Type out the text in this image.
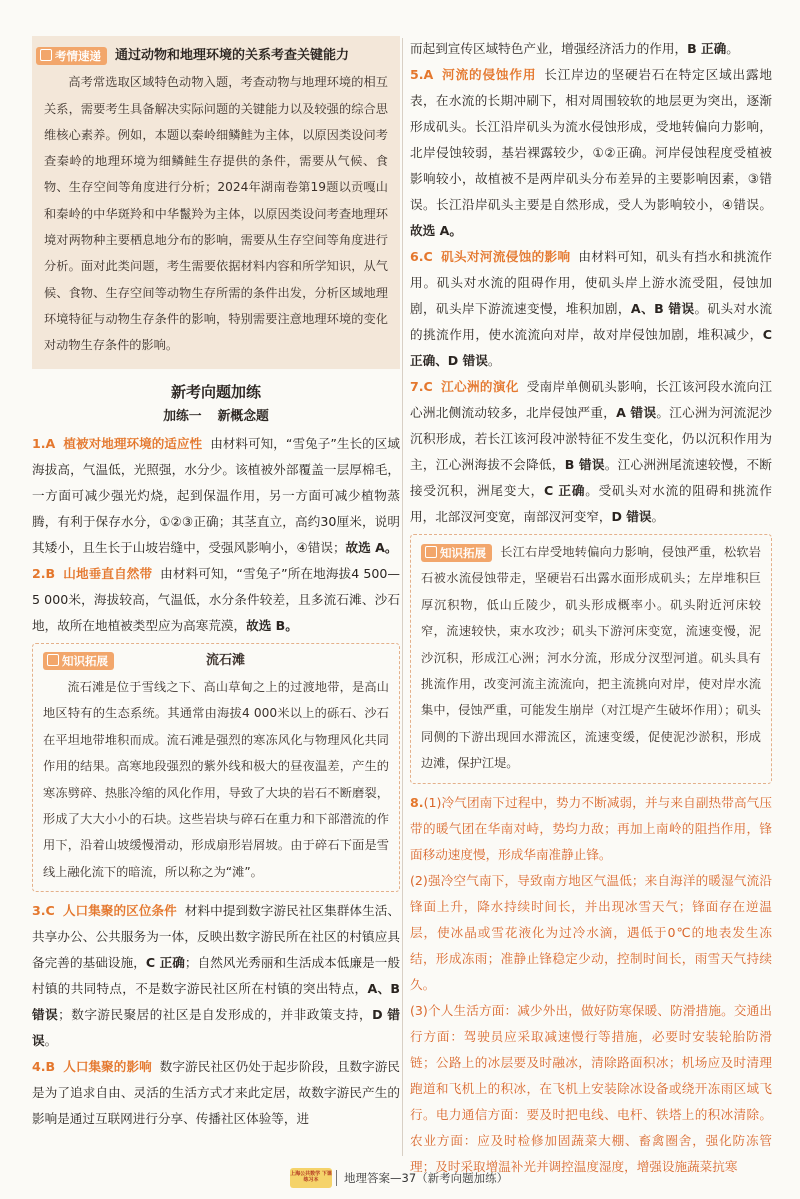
考情速递 通过动物和地理环境的关系考查关键能力
高考常选取区域特色动物入题，考查动物与地理环境的相互关系，需要考生具备解决实际问题的关键能力以及较强的综合思维核心素养。例如，本题以秦岭细鳞鲑为主体，以原因类设问考查秦岭的地理环境为细鳞鲑生存提供的条件，需要从气候、食物、生存空间等角度进行分析；2024年湖南卷第19题以贡嘎山和秦岭的中华斑羚和中华鬣羚为主体，以原因类设问考查地理环境对两物种主要栖息地分布的影响，需要从生存空间等角度进行分析。面对此类问题，考生需要依据材料内容和所学知识，从气候、食物、生存空间等动物生存所需的条件出发，分析区域地理环境特征与动物生存条件的影响，特别需要注意地理环境的变化对动物生存条件的影响。
新考向题加练
加练一 新概念题

1.A 植被对地理环境的适应性 由材料可知，“雪兔子”生长的区域海拔高，气温低，光照强，水分少。该植被外部覆盖一层厚棉毛，一方面可减少强光灼烧，起到保温作用，另一方面可减少植物蒸腾，有利于保存水分，①②③正确；其茎直立，高约30厘米，说明其矮小，且生长于山坡岩缝中，受强风影响小，④错误；故选 A。

2.B 山地垂直自然带 由材料可知，“雪兔子”所在地海拔4 500—5 000米，海拔较高，气温低，水分条件较差，且多流石滩、沙石地，故所在地植被类型应为高寒荒漠，故选 B。

知识拓展	流石滩
流石滩是位于雪线之下、高山草甸之上的过渡地带，是高山地区特有的生态系统。其通常由海拔4 000米以上的砾石、沙石在平坦地带堆积而成。流石滩是强烈的寒冻风化与物理风化共同作用的结果。高寒地段强烈的紫外线和极大的昼夜温差，产生的寒冻劈碎、热胀冷缩的风化作用，导致了大块的岩石不断磨裂，形成了大大小小的石块。这些岩块与碎石在重力和下部潜流的作用下，沿着山坡缓慢滑动，形成扇形岩屑坡。由于碎石下面是雪线上融化流下的暗流，所以称之为“滩”。

3.C 人口集聚的区位条件 材料中提到数字游民社区集群体生活、共享办公、公共服务为一体，反映出数字游民所在社区的村镇应具备完善的基础设施，C 正确；自然风光秀丽和生活成本低廉是一般村镇的共同特点，不是数字游民社区所在村镇的突出特点，A、B 错误；数字游民聚居的社区是自发形成的，并非政策支持，D 错误。

4.B 人口集聚的影响 数字游民社区仍处于起步阶段，且数字游民是为了追求自由、灵活的生活方式才来此定居，故数字游民产生的影响是通过互联网进行分享、传播社区体验等，进

而起到宣传区域特色产业，增强经济活力的作用，B 正确。

5.A 河流的侵蚀作用 长江岸边的坚硬岩石在特定区域出露地表，在水流的长期冲刷下，相对周围较软的地层更为突出，逐渐形成矶头。长江沿岸矶头为流水侵蚀形成，受地转偏向力影响，北岸侵蚀较弱，基岩裸露较少，①②正确。河岸侵蚀程度受植被影响较小，故植被不是两岸矶头分布差异的主要影响因素，③错误。长江沿岸矶头主要是自然形成，受人为影响较小，④错误。故选 A。

6.C 矶头对河流侵蚀的影响 由材料可知，矶头有挡水和挑流作用。矶头对水流的阻碍作用，使矶头岸上游水流受阻，侵蚀加剧，矶头岸下游流速变慢，堆积加剧，A、B 错误。矶头对水流的挑流作用，使水流流向对岸，故对岸侵蚀加剧，堆积减少，C 正确、D 错误。

7.C 江心洲的演化 受南岸单侧矶头影响，长江该河段水流向江心洲北侧流动较多，北岸侵蚀严重，A 错误。江心洲为河流泥沙沉积形成，若长江该河段冲淤特征不发生变化，仍以沉积作用为主，江心洲海拔不会降低，B 错误。江心洲洲尾流速较慢，不断接受沉积，洲尾变大，C 正确。受矶头对水流的阻碍和挑流作用，北部汊河变宽，南部汊河变窄，D 错误。

知识拓展 长江右岸受地转偏向力影响，侵蚀严重，松软岩石被水流侵蚀带走，坚硬岩石出露水面形成矶头；左岸堆积巨厚沉积物，低山丘陵少，矶头形成概率小。矶头附近河床较窄，流速较快，束水攻沙；矶头下游河床变宽，流速变慢，泥沙沉积，形成江心洲；河水分流，形成分汊型河道。矶头具有挑流作用，改变河流主流流向，把主流挑向对岸，使对岸水流集中，侵蚀严重，可能发生崩岸（对江堤产生破坏作用）；矶头同侧的下游出现回水滞流区，流速变缓，促使泥沙淤积，形成边滩，保护江堤。

8.(1)冷气团南下过程中，势力不断减弱，并与来自副热带高气压带的暖气团在华南对峙，势均力敌；再加上南岭的阻挡作用，锋面移动速度慢，形成华南准静止锋。

(2)强冷空气南下，导致南方地区气温低；来自海洋的暖湿气流沿锋面上升，降水持续时间长，并出现冰雪天气；锋面存在逆温层，使冰晶或雪花液化为过冷水滴，遇低于0℃的地表发生冻结，形成冻雨；准静止锋稳定少动，控制时间长，雨雪天气持续久。

(3)个人生活方面：减少外出，做好防寒保暖、防滑措施。交通出行方面：驾驶员应采取减速慢行等措施，必要时安装轮胎防滑链；公路上的冰层要及时融冰，清除路面积冰；机场应及时清理跑道和飞机上的积冰，在飞机上安装除冰设备或绕开冻雨区域飞行。电力通信方面：要及时把电线、电杆、铁塔上的积冰清除。农业方面：应及时检修加固蔬菜大棚、畜禽圈舍，强化防冻管理；及时采取增温补光并调控温度湿度，增强设施蔬菜抗寒

上海公共数学 下课练习本	地理答案—37（新考向题加练）
